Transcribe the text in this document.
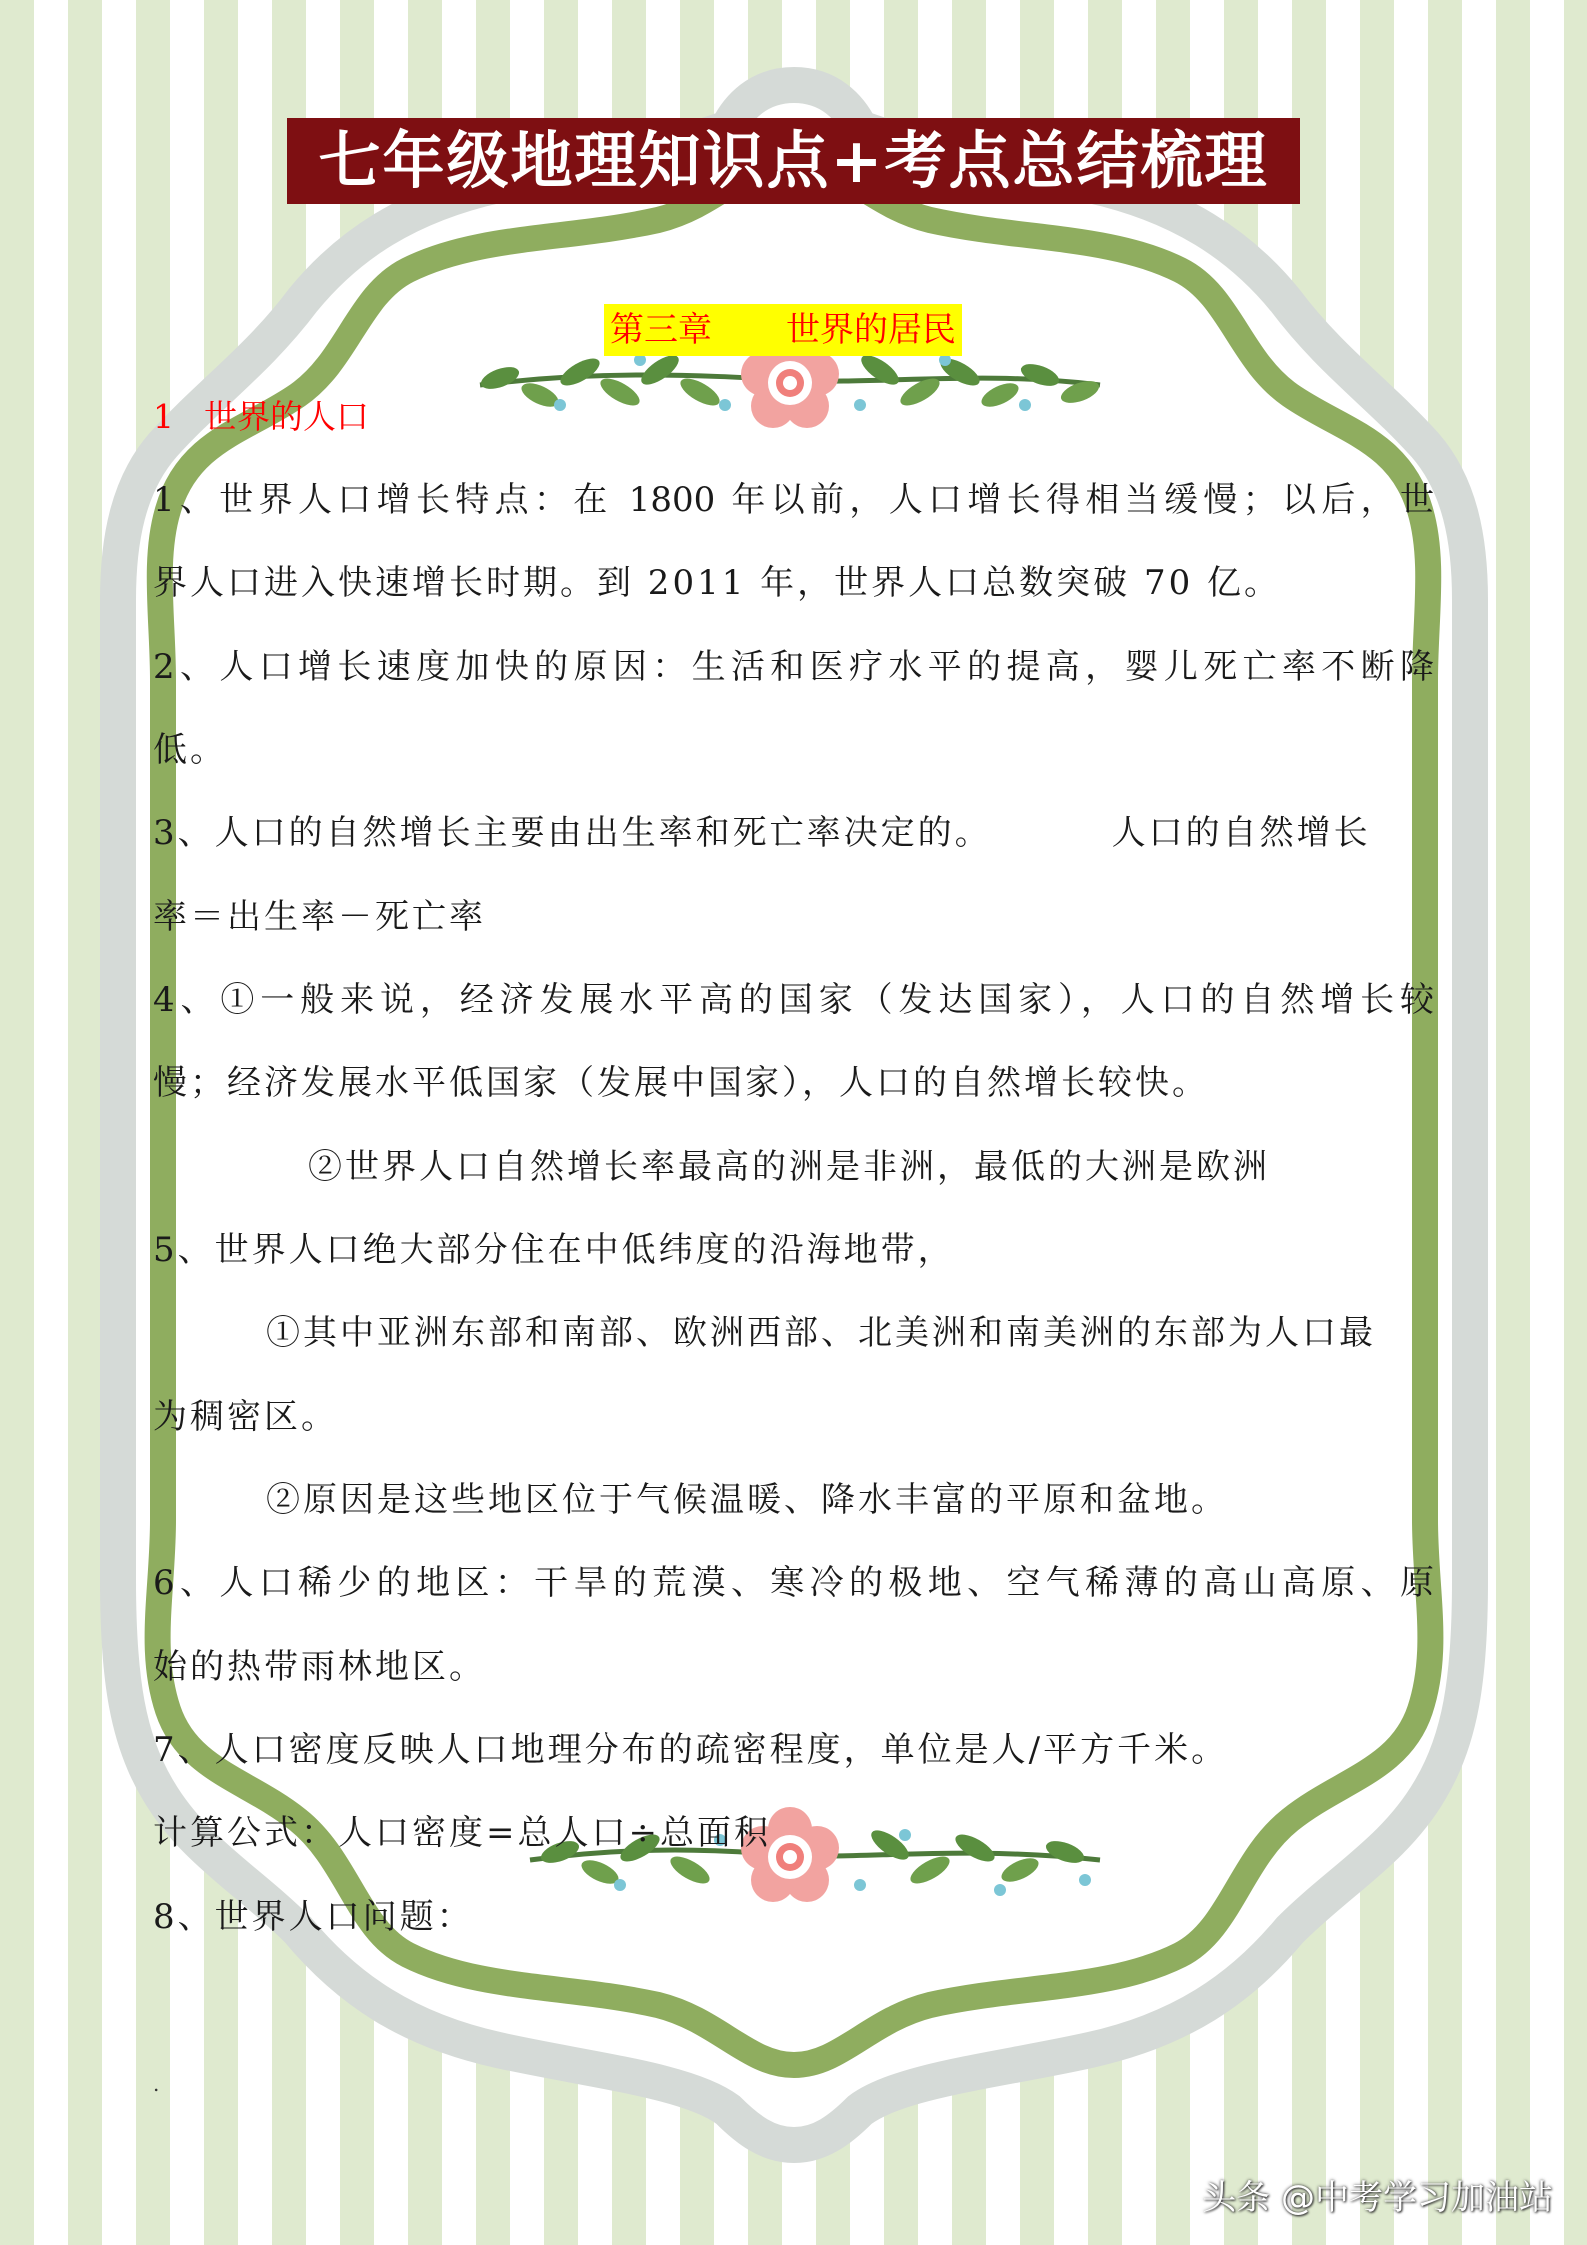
七年级地理知识点+考点总结梳理
第三章 世界的居民
1 世界的人口
1、世界人口增长特点：在 1800 年以前，人口增长得相当缓慢；以后，世
界人口进入快速增长时期。到 2011 年，世界人口总数突破 70 亿。
2、人口增长速度加快的原因：生活和医疗水平的提高，婴儿死亡率不断降
低。
3、人口的自然增长主要由出生率和死亡率决定的。	人口的自然增长
率＝出生率－死亡率
4、①一般来说，经济发展水平高的国家（发达国家），人口的自然增长较
慢；经济发展水平低国家（发展中国家），人口的自然增长较快。
②世界人口自然增长率最高的洲是非洲，最低的大洲是欧洲
5、世界人口绝大部分住在中低纬度的沿海地带，
①其中亚洲东部和南部、欧洲西部、北美洲和南美洲的东部为人口最
为稠密区。
②原因是这些地区位于气候温暖、降水丰富的平原和盆地。
6、人口稀少的地区：干旱的荒漠、寒冷的极地、空气稀薄的高山高原、原
始的热带雨林地区。
7、人口密度反映人口地理分布的疏密程度，单位是人/平方千米。
计算公式：人口密度=总人口÷总面积
8、世界人口问题：
.
头条 @中考学习加油站
